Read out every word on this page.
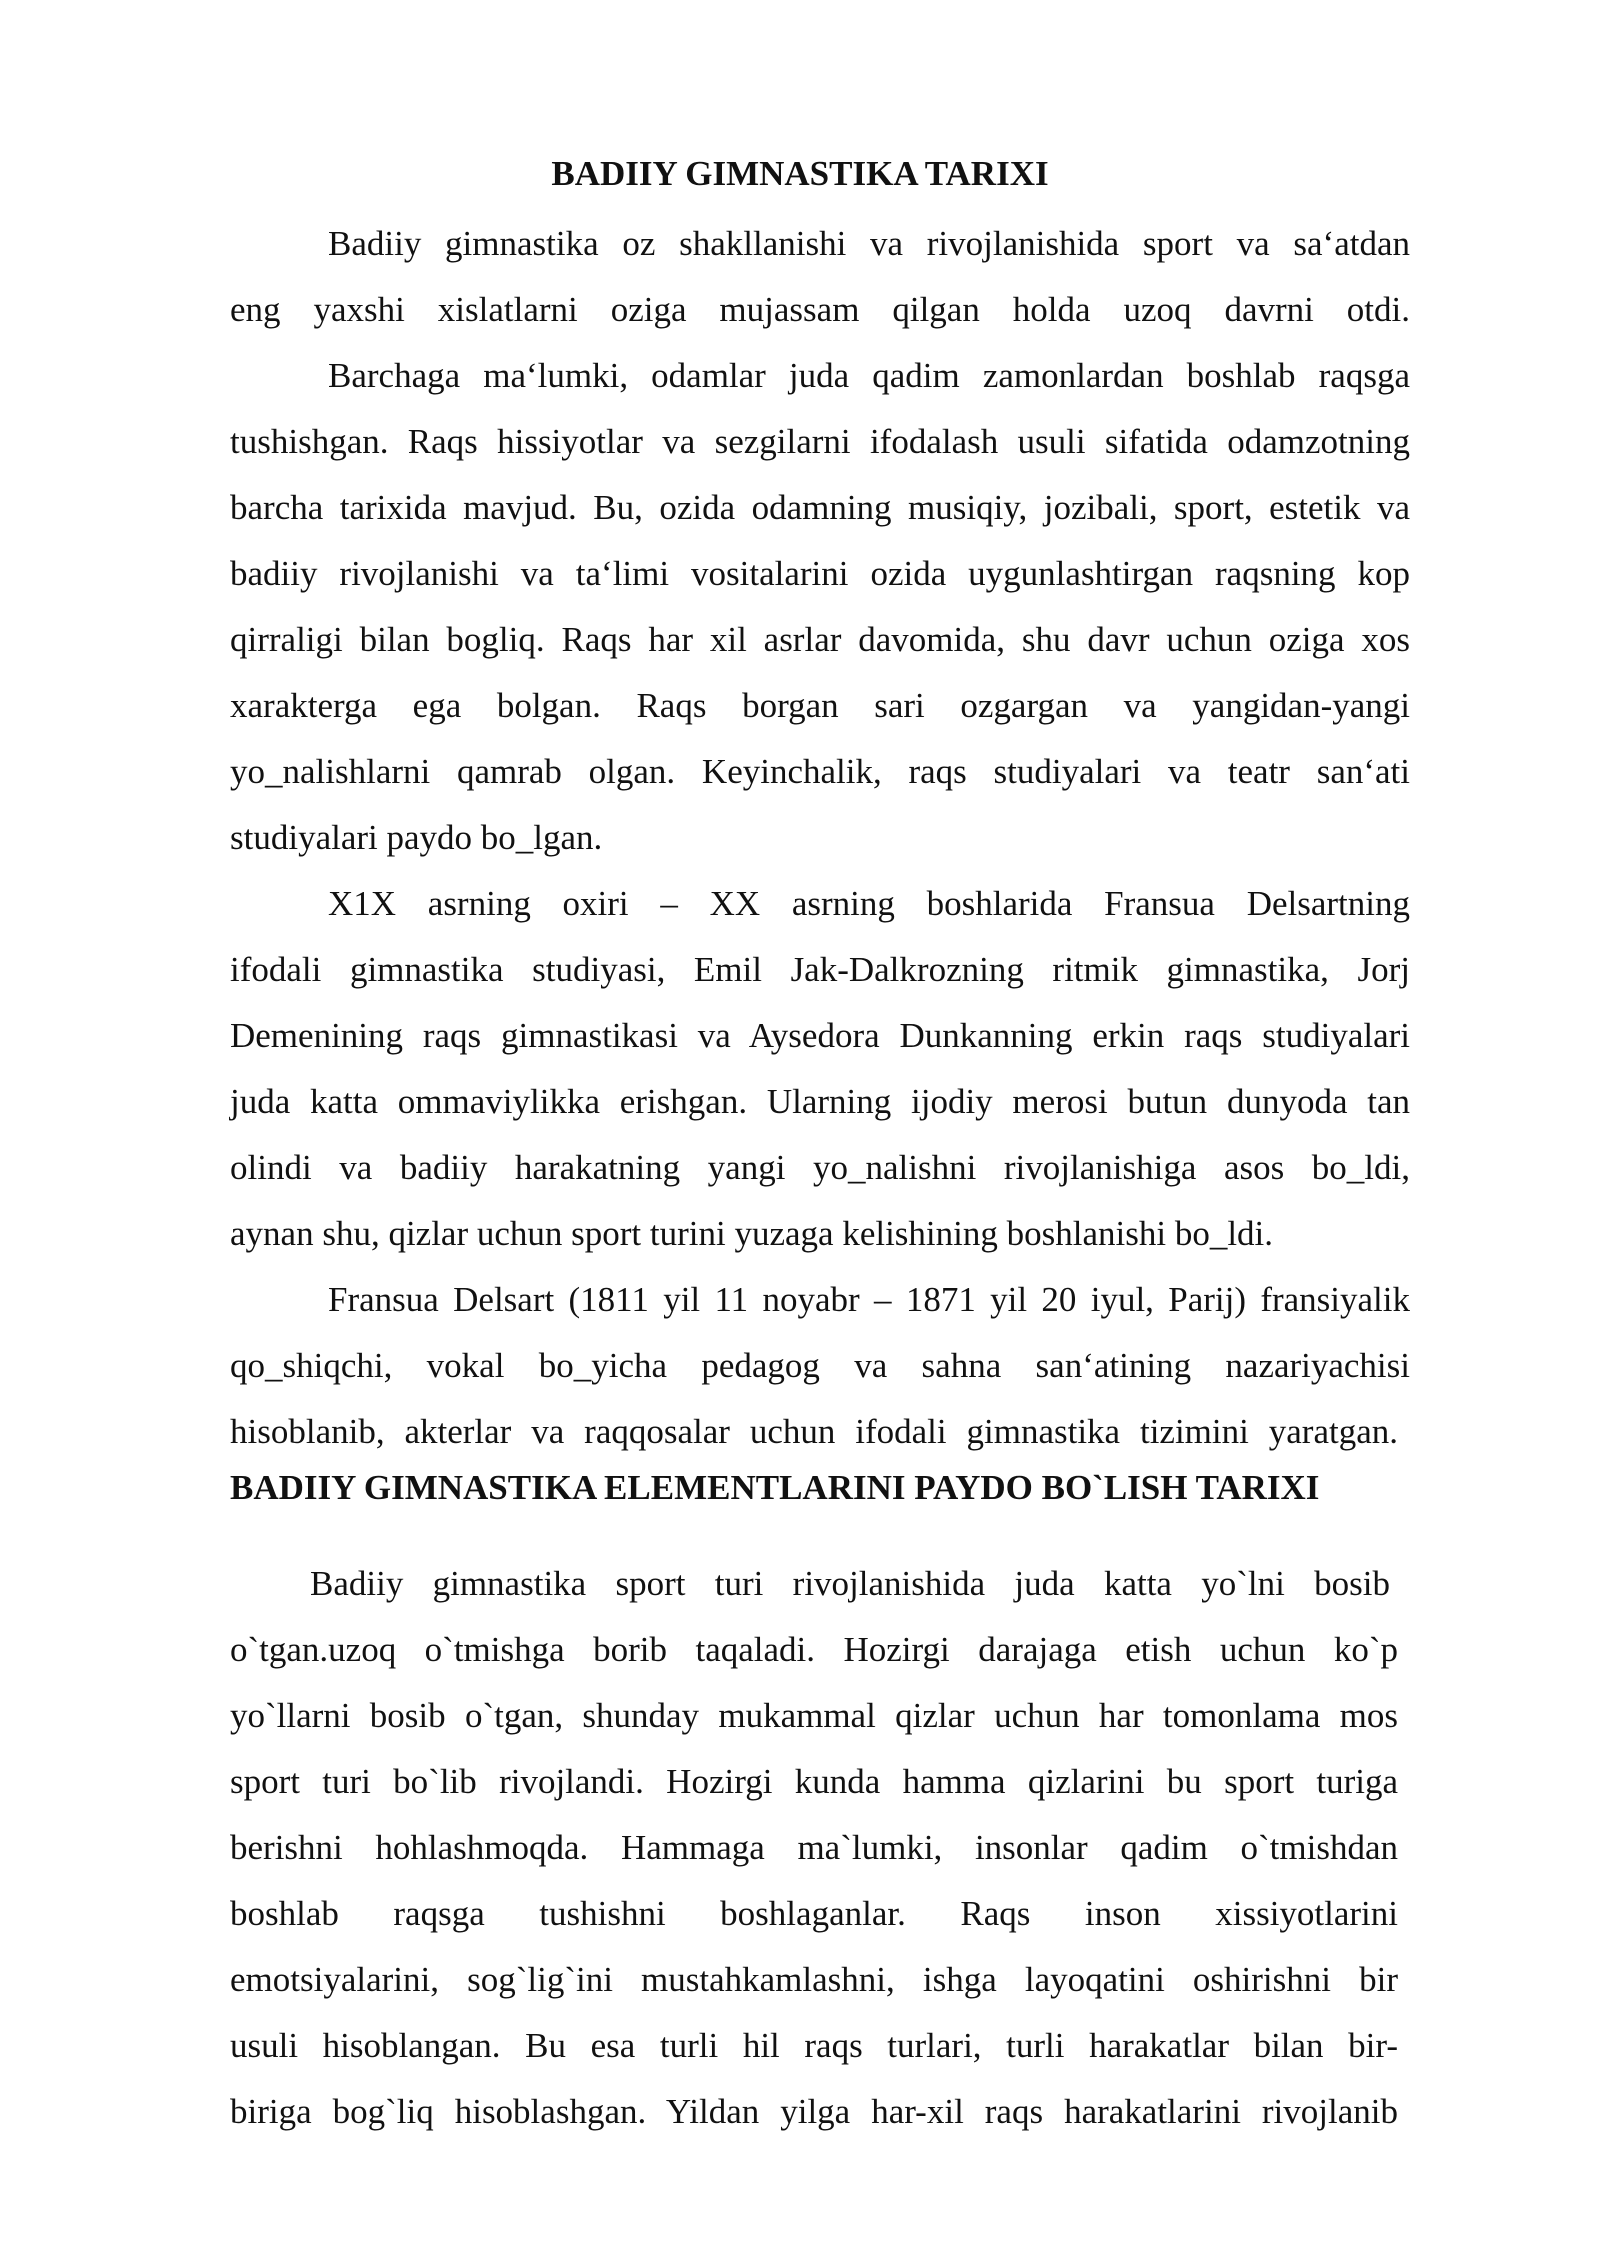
BADIIY GIMNASTIKA TARIXI
Badiiy gimnastika oz shakllanishi va rivojlanishida sport va sa‘atdan
eng yaxshi xislatlarni oziga mujassam qilgan holda uzoq davrni otdi.
Barchaga ma‘lumki, odamlar juda qadim zamonlardan boshlab raqsga
tushishgan. Raqs hissiyotlar va sezgilarni ifodalash usuli sifatida odamzotning
barcha tarixida mavjud. Bu, ozida odamning musiqiy, jozibali, sport, estetik va
badiiy rivojlanishi va ta‘limi vositalarini ozida uygunlashtirgan raqsning kop
qirraligi bilan bogliq. Raqs har xil asrlar davomida, shu davr uchun oziga xos
xarakterga ega bolgan. Raqs borgan sari ozgargan va yangidan-yangi
yo_nalishlarni qamrab olgan. Keyinchalik, raqs studiyalari va teatr san‘ati
studiyalari paydo bo_lgan.
X1X asrning oxiri – XX asrning boshlarida Fransua Delsartning
ifodali gimnastika studiyasi, Emil Jak-Dalkrozning ritmik gimnastika, Jorj
Demenining raqs gimnastikasi va Aysedora Dunkanning erkin raqs studiyalari
juda katta ommaviylikka erishgan. Ularning ijodiy merosi butun dunyoda tan
olindi va badiiy harakatning yangi yo_nalishni rivojlanishiga asos bo_ldi,
aynan shu, qizlar uchun sport turini yuzaga kelishining boshlanishi bo_ldi.
Fransua Delsart (1811 yil 11 noyabr – 1871 yil 20 iyul, Parij) fransiyalik
qo_shiqchi, vokal bo_yicha pedagog va sahna san‘atining nazariyachisi
hisoblanib, akterlar va raqqosalar uchun ifodali gimnastika tizimini yaratgan.
BADIIY GIMNASTIKA ELEMENTLARINI PAYDO BO`LISH TARIXI
Badiiy gimnastika sport turi rivojlanishida juda katta yo`lni bosib
o`tgan.uzoq o`tmishga borib taqaladi. Hozirgi darajaga etish uchun ko`p
yo`llarni bosib o`tgan, shunday mukammal qizlar uchun har tomonlama mos
sport turi bo`lib rivojlandi. Hozirgi kunda hamma qizlarini bu sport turiga
berishni hohlashmoqda. Hammaga ma`lumki, insonlar qadim o`tmishdan
boshlab raqsga tushishni boshlaganlar. Raqs inson xissiyotlarini
emotsiyalarini, sog`lig`ini mustahkamlashni, ishga layoqatini oshirishni bir
usuli hisoblangan. Bu esa turli hil raqs turlari, turli harakatlar bilan bir-
biriga bog`liq hisoblashgan. Yildan yilga har-xil raqs harakatlarini rivojlanib
